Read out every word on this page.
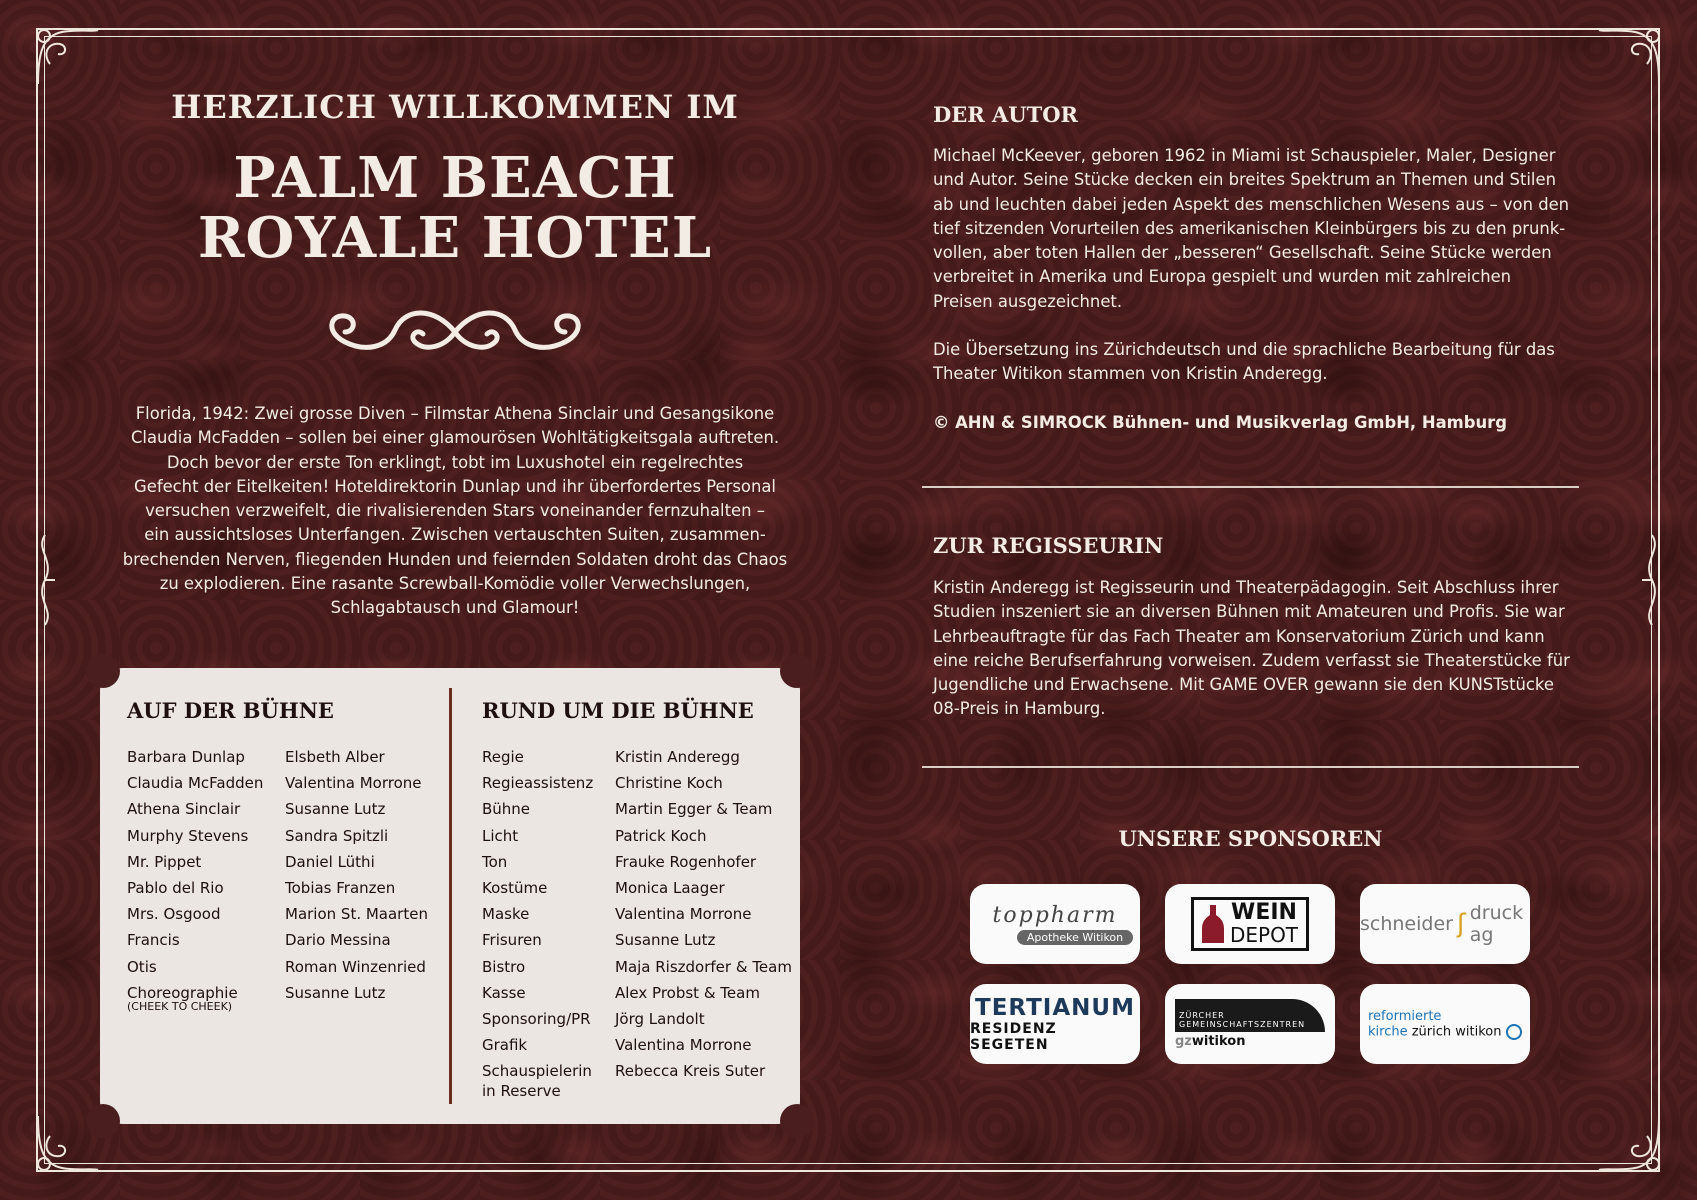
HERZLICH WILLKOMMEN IM
PALM BEACH
ROYALE HOTEL
Florida, 1942: Zwei grosse Diven – Filmstar Athena Sinclair und Gesangsikone
Claudia McFadden – sollen bei einer glamourösen Wohltätigkeitsgala auftreten.
Doch bevor der erste Ton erklingt, tobt im Luxushotel ein regelrechtes
Gefecht der Eitelkeiten! Hoteldirektorin Dunlap und ihr überfordertes Personal
versuchen verzweifelt, die rivalisierenden Stars voneinander fernzuhalten –
ein aussichtsloses Unterfangen. Zwischen vertauschten Suiten, zusammen-
brechenden Nerven, fliegenden Hunden und feiernden Soldaten droht das Chaos
zu explodieren. Eine rasante Screwball-Komödie voller Verwechslungen,
Schlagabtausch und Glamour!
AUF DER BÜHNE
Barbara Dunlap
Claudia McFadden
Athena Sinclair
Murphy Stevens
Mr. Pippet
Pablo del Rio
Mrs. Osgood
Francis
Otis
Choreographie
(CHEEK TO CHEEK)
Elsbeth Alber
Valentina Morrone
Susanne Lutz
Sandra Spitzli
Daniel Lüthi
Tobias Franzen
Marion St. Maarten
Dario Messina
Roman Winzenried
Susanne Lutz
RUND UM DIE BÜHNE
Regie
Regieassistenz
Bühne
Licht
Ton
Kostüme
Maske
Frisuren
Bistro
Kasse
Sponsoring/PR
Grafik
Schauspielerin
in Reserve
Kristin Anderegg
Christine Koch
Martin Egger & Team
Patrick Koch
Frauke Rogenhofer
Monica Laager
Valentina Morrone
Susanne Lutz
Maja Riszdorfer & Team
Alex Probst & Team
Jörg Landolt
Valentina Morrone
Rebecca Kreis Suter
DER AUTOR
Michael McKeever, geboren 1962 in Miami ist Schauspieler, Maler, Designer
und Autor. Seine Stücke decken ein breites Spektrum an Themen und Stilen
ab und leuchten dabei jeden Aspekt des menschlichen Wesens aus – von den
tief sitzenden Vorurteilen des amerikanischen Kleinbürgers bis zu den prunk-
vollen, aber toten Hallen der „besseren“ Gesellschaft. Seine Stücke werden
verbreitet in Amerika und Europa gespielt und wurden mit zahlreichen
Preisen ausgezeichnet.
Die Übersetzung ins Zürichdeutsch und die sprachliche Bearbeitung für das
Theater Witikon stammen von Kristin Anderegg.
© AHN & SIMROCK Bühnen- und Musikverlag GmbH, Hamburg
ZUR REGISSEURIN
Kristin Anderegg ist Regisseurin und Theaterpädagogin. Seit Abschluss ihrer
Studien inszeniert sie an diversen Bühnen mit Amateuren und Profis. Sie war
Lehrbeauftragte für das Fach Theater am Konservatorium Zürich und kann
eine reiche Berufserfahrung vorweisen. Zudem verfasst sie Theaterstücke für
Jugendliche und Erwachsene. Mit GAME OVER gewann sie den KUNSTstücke
08-Preis in Hamburg.
UNSERE SPONSOREN
toppharm
Apotheke Witikon
WEIN
DEPOT	schneider ʃ druck ag
TERTIANUM
RESIDENZ SEGETEN
ZÜRCHER
GEMEINSCHAFTSZENTREN
gzwitikon
reformierte
kirche zürich witikon
